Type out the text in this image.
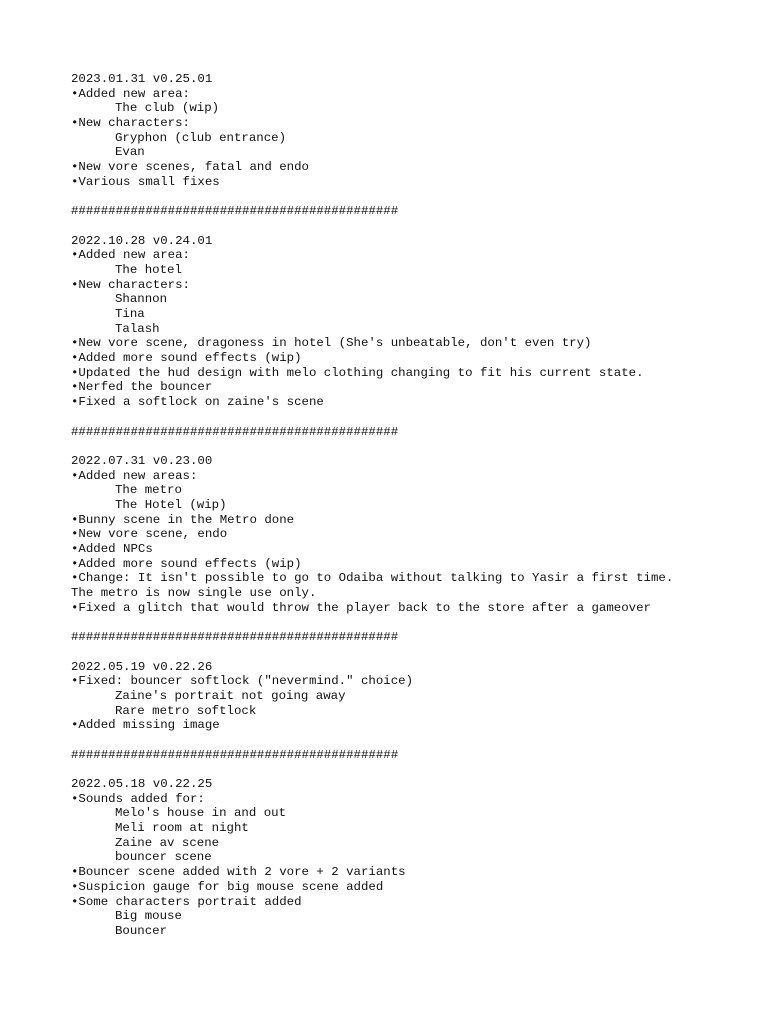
2023.01.31 v0.25.01
•Added new area:
The club (wip)
•New characters:
Gryphon (club entrance)
Evan
•New vore scenes, fatal and endo
•Various small fixes
############################################
2022.10.28 v0.24.01
•Added new area:
The hotel
•New characters:
Shannon
Tina
Talash
•New vore scene, dragoness in hotel (She's unbeatable, don't even try)
•Added more sound effects (wip)
•Updated the hud design with melo clothing changing to fit his current state.
•Nerfed the bouncer
•Fixed a softlock on zaine's scene
############################################
2022.07.31 v0.23.00
•Added new areas:
The metro
The Hotel (wip)
•Bunny scene in the Metro done
•New vore scene, endo
•Added NPCs
•Added more sound effects (wip)
•Change: It isn't possible to go to Odaiba without talking to Yasir a first time.
The metro is now single use only.
•Fixed a glitch that would throw the player back to the store after a gameover
############################################
2022.05.19 v0.22.26
•Fixed: bouncer softlock ("nevermind." choice)
Zaine's portrait not going away
Rare metro softlock
•Added missing image
############################################
2022.05.18 v0.22.25
•Sounds added for:
Melo's house in and out
Meli room at night
Zaine av scene
bouncer scene
•Bouncer scene added with 2 vore + 2 variants
•Suspicion gauge for big mouse scene added
•Some characters portrait added
Big mouse
Bouncer
